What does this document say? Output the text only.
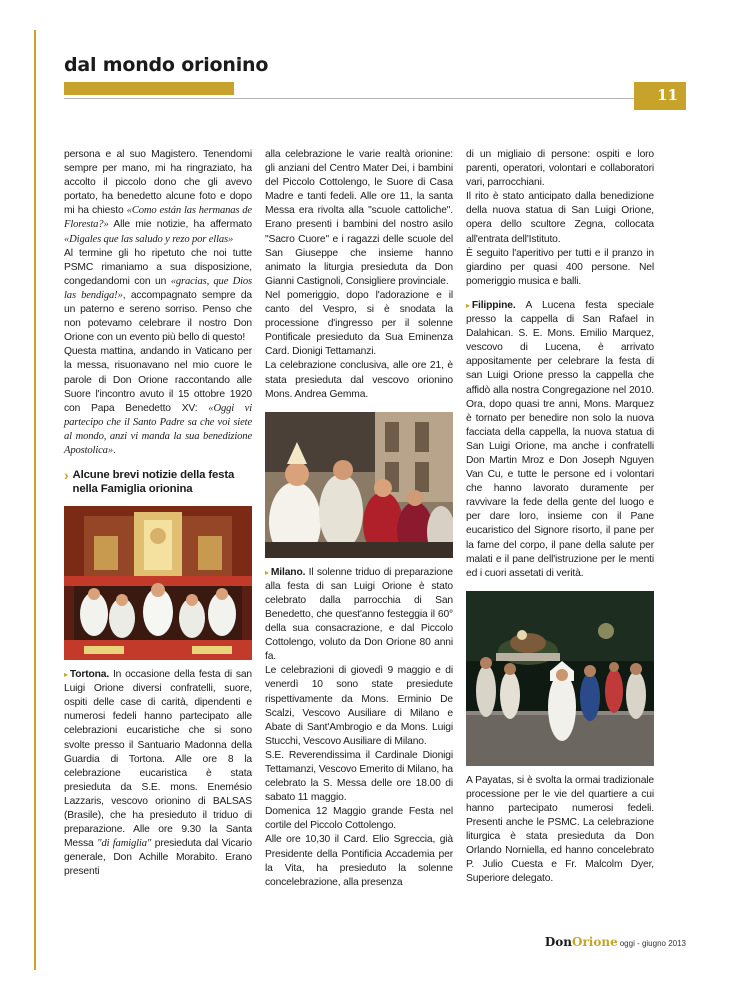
dal mondo orionino
11

persona e al suo Magistero. Tenendomi sempre per mano, mi ha ringraziato, ha accolto il piccolo dono che gli avevo portato, ha benedetto alcune foto e dopo mi ha chiesto «Como están las hermanas de Floresta?» Alle mie notizie, ha affermato «Digales que las saludo y rezo por ellas»

Al termine gli ho ripetuto che noi tutte PSMC rimaniamo a sua disposizione, congedandomi con un «gracias, que Dios las bendiga!», accompagnato sempre da un paterno e sereno sorriso. Penso che non potevamo celebrare il nostro Don Orione con un evento più bello di questo!

Questa mattina, andando in Vaticano per la messa, risuonavano nel mio cuore le parole di Don Orione raccontando alle Suore l'incontro avuto il 15 ottobre 1920 con Papa Benedetto XV: «Oggi vi partecipo che il Santo Padre sa che voi siete al mondo, anzi vi manda la sua benedizione Apostolica».

› Alcune brevi notizie della festa nella Famiglia orionina

▸ Tortona. In occasione della festa di san Luigi Orione diversi confratelli, suore, ospiti delle case di carità, dipendenti e numerosi fedeli hanno partecipato alle celebrazioni eucaristiche che si sono svolte presso il Santuario Madonna della Guardia di Tortona. Alle ore 8 la celebrazione eucaristica è stata presieduta da S.E. mons. Enemésio Lazzaris, vescovo orionino di BALSAS (Brasile), che ha presieduto il triduo di preparazione. Alle ore 9.30 la Santa Messa "di famiglia" presieduta dal Vicario generale, Don Achille Morabito. Erano presenti

alla celebrazione le varie realtà orionine: gli anziani del Centro Mater Dei, i bambini del Piccolo Cottolengo, le Suore di Casa Madre e tanti fedeli. Alle ore 11, la santa Messa era rivolta alla "scuole cattoliche". Erano presenti i bambini del nostro asilo "Sacro Cuore" e i ragazzi delle scuole del San Giuseppe che insieme hanno animato la liturgia presieduta da Don Gianni Castignoli, Consigliere provinciale.

Nel pomeriggio, dopo l'adorazione e il canto del Vespro, si è snodata la processione d'ingresso per il solenne Pontificale presieduto da Sua Eminenza Card. Dionigi Tettamanzi.

La celebrazione conclusiva, alle ore 21, è stata presieduta dal vescovo orionino Mons. Andrea Gemma.

▸ Milano. Il solenne triduo di preparazione alla festa di san Luigi Orione è stato celebrato dalla parrocchia di San Benedetto, che quest'anno festeggia il 60° della sua consacrazione, e dal Piccolo Cottolengo, voluto da Don Orione 80 anni fa.

Le celebrazioni di giovedì 9 maggio e di venerdì 10 sono state presiedute rispettivamente da Mons. Erminio De Scalzi, Vescovo Ausiliare di Milano e Abate di Sant'Ambrogio e da Mons. Luigi Stucchi, Vescovo Ausiliare di Milano.

S.E. Reverendissima il Cardinale Dionigi Tettamanzi, Vescovo Emerito di Milano, ha celebrato la S. Messa delle ore 18.00 di sabato 11 maggio.

Domenica 12 Maggio grande Festa nel cortile del Piccolo Cottolengo.

Alle ore 10,30 il Card. Elio Sgreccia, già Presidente della Pontificia Accademia per la Vita, ha presieduto la solenne concelebrazione, alla presenza

di un migliaio di persone: ospiti e loro parenti, operatori, volontari e collaboratori vari, parrocchiani.

Il rito è stato anticipato dalla benedizione della nuova statua di San Luigi Orione, opera dello scultore Zegna, collocata all'entrata dell'Istituto.

È seguito l'aperitivo per tutti e il pranzo in giardino per quasi 400 persone. Nel pomeriggio musica e balli.

▸ Filippine. A Lucena festa speciale presso la cappella di San Rafael in Dalahican. S. E. Mons. Emilio Marquez, vescovo di Lucena, è arrivato appositamente per celebrare la festa di san Luigi Orione presso la cappella che affidò alla nostra Congregazione nel 2010. Ora, dopo quasi tre anni, Mons. Marquez è tornato per benedire non solo la nuova facciata della cappella, la nuova statua di San Luigi Orione, ma anche i confratelli Don Martin Mroz e Don Joseph Nguyen Van Cu, e tutte le persone ed i volontari che hanno lavorato duramente per ravvivare la fede della gente del luogo e per dare loro, insieme con il Pane eucaristico del Signore risorto, il pane per la fame del corpo, il pane della salute per malati e il pane dell'istruzione per le menti ed i cuori assetati di verità.

A Payatas, si è svolta la ormai tradizionale processione per le vie del quartiere a cui hanno partecipato numerosi fedeli. Presenti anche le PSMC. La celebrazione liturgica è stata presieduta da Don Orlando Norniella, ed hanno concelebrato P. Julio Cuesta e Fr. Malcolm Dyer, Superiore delegato.

DonOrione oggi - giugno 2013
